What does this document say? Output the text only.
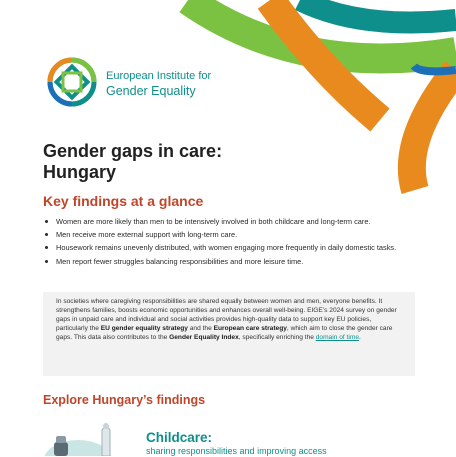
European Institute for
Gender Equality
Gender gaps in care:
Hungary
Key findings at a glance
Women are more likely than men to be intensively involved in both childcare and long-term care.
Men receive more external support with long-term care.
Housework remains unevenly distributed, with women engaging more frequently in daily domestic tasks.
Men report fewer struggles balancing responsibilities and more leisure time.
In societies where caregiving responsibilities are shared equally between women and men, everyone benefits. It strengthens families, boosts economic opportunities and enhances overall well-being. EIGE’s 2024 survey on gender gaps in unpaid care and individual and social activities provides high-quality data to support key EU policies, particularly the EU gender equality strategy and the European care strategy, which aim to close the gender care gaps. This data also contributes to the Gender Equality Index, specifically enriching the domain of time.
Explore Hungary’s findings
Childcare:

sharing responsibilities and improving access
